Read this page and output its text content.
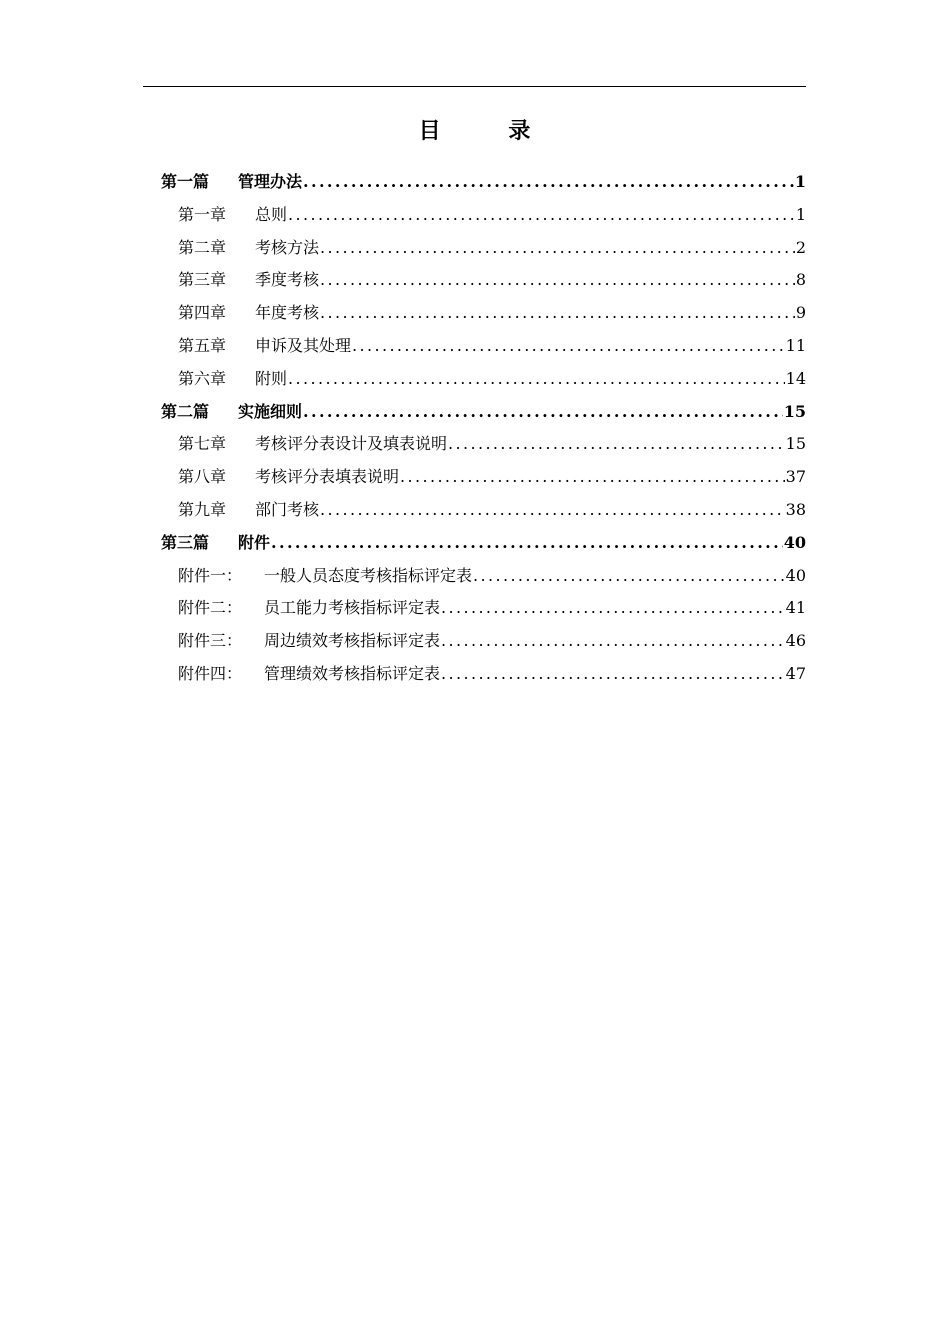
目 录
第一篇	管理办法 .....	1
第一章	总则 .....	1
第二章	考核方法 .....	2
第三章	季度考核 .....	8
第四章	年度考核 .....	9
第五章	申诉及其处理 .....	11
第六章	附则 .....	14
第二篇	实施细则 .....	15
第七章	考核评分表设计及填表说明 .....	15
第八章	考核评分表填表说明 .....	37
第九章	部门考核 .....	38
第三篇	附件 .....	40
附件一：	一般人员态度考核指标评定表 .....	40
附件二：	员工能力考核指标评定表 .....	41
附件三：	周边绩效考核指标评定表 .....	46
附件四：	管理绩效考核指标评定表 .....	47
